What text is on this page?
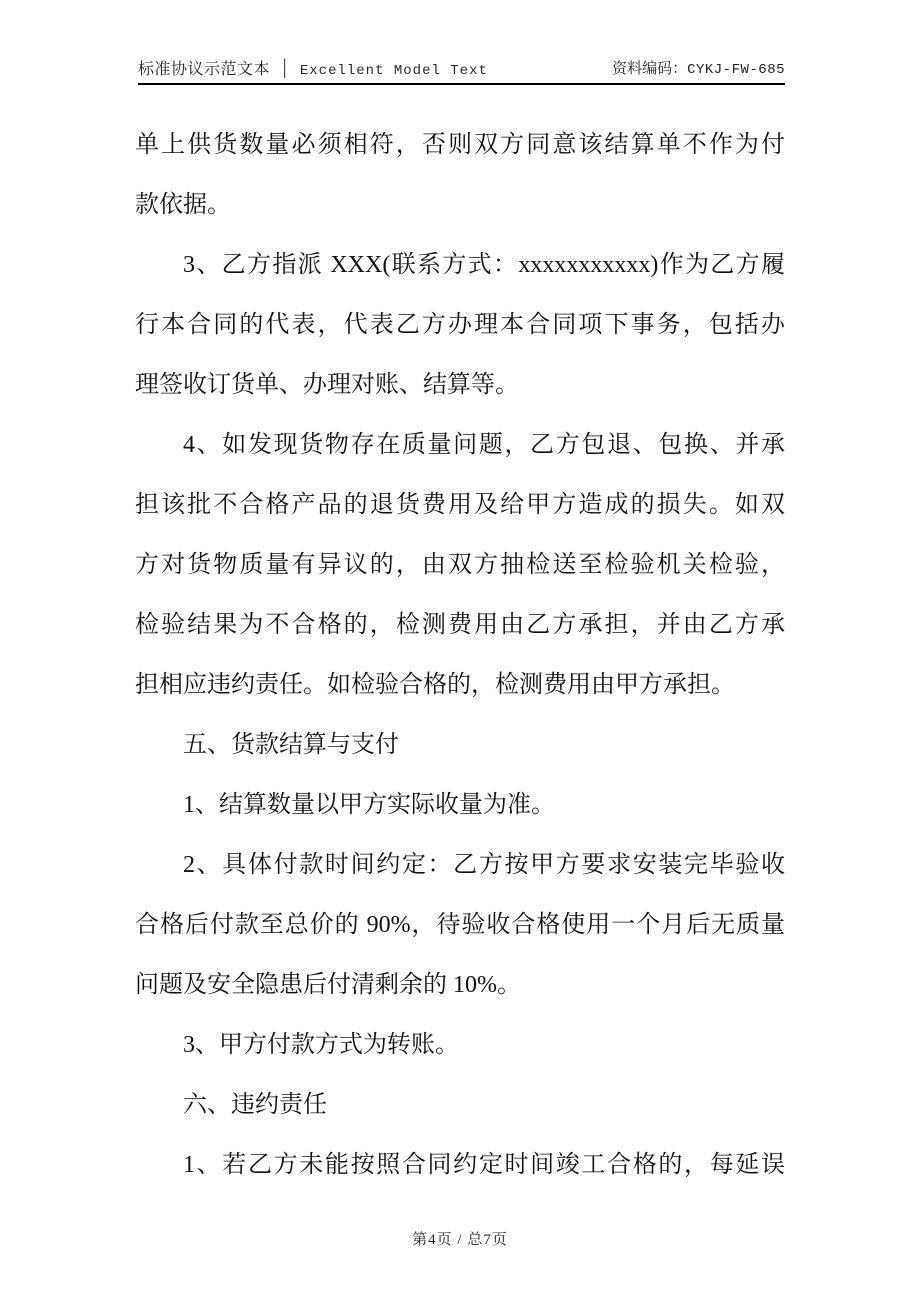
标准协议示范文本 │ Excellent Model Text	资料编码：CYKJ-FW-685
单上供货数量必须相符，否则双方同意该结算单不作为付
款依据。
3、乙方指派 XXX(联系方式：xxxxxxxxxxx)作为乙方履
行本合同的代表，代表乙方办理本合同项下事务，包括办
理签收订货单、办理对账、结算等。
4、如发现货物存在质量问题，乙方包退、包换、并承
担该批不合格产品的退货费用及给甲方造成的损失。如双
方对货物质量有异议的，由双方抽检送至检验机关检验，
检验结果为不合格的，检测费用由乙方承担，并由乙方承
担相应违约责任。如检验合格的，检测费用由甲方承担。
五、货款结算与支付
1、结算数量以甲方实际收量为准。
2、具体付款时间约定：乙方按甲方要求安装完毕验收
合格后付款至总价的 90%，待验收合格使用一个月后无质量
问题及安全隐患后付清剩余的 10%。
3、甲方付款方式为转账。
六、违约责任
1、若乙方未能按照合同约定时间竣工合格的，每延误
第4页 / 总7页
